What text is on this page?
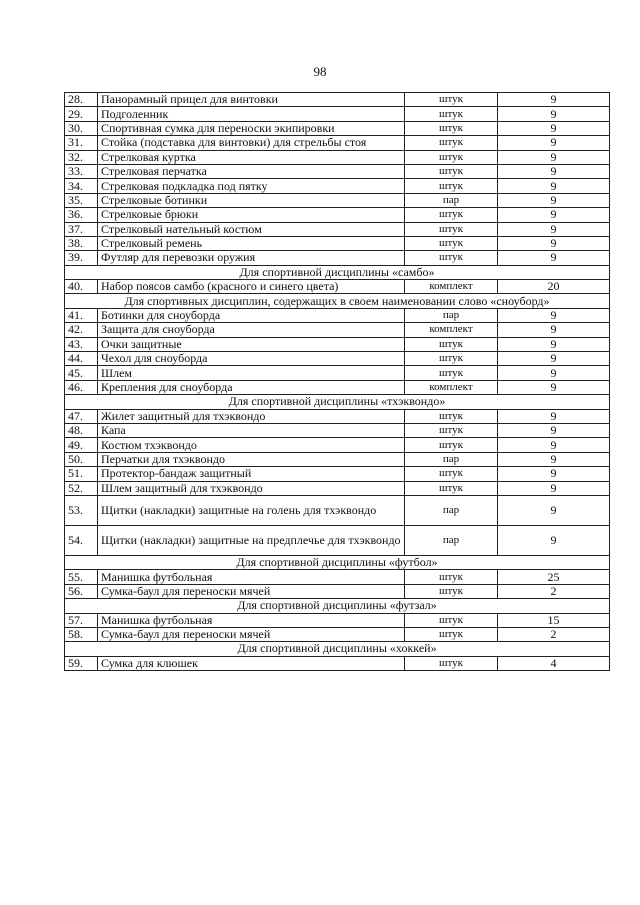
98
28.	Панорамный прицел для винтовки	штук	9
29.	Подголенник	штук	9
30.	Спортивная сумка для переноски экипировки	штук	9
31.	Стойка (подставка для винтовки) для стрельбы стоя	штук	9
32.	Стрелковая куртка	штук	9
33.	Стрелковая перчатка	штук	9
34.	Стрелковая подкладка под пятку	штук	9
35.	Стрелковые ботинки	пар	9
36.	Стрелковые брюки	штук	9
37.	Стрелковый нательный костюм	штук	9
38.	Стрелковый ремень	штук	9
39.	Футляр для перевозки оружия	штук	9
Для спортивной дисциплины «самбо»			
40.	Набор поясов самбо (красного и синего цвета)	комплект	20
Для спортивных дисциплин, содержащих в своем наименовании слово «сноуборд»			
41.	Ботинки для сноуборда	пар	9
42.	Защита для сноуборда	комплект	9
43.	Очки защитные	штук	9
44.	Чехол для сноуборда	штук	9
45.	Шлем	штук	9
46.	Крепления для сноуборда	комплект	9
Для спортивной дисциплины «тхэквондо»			
47.	Жилет защитный для тхэквондо	штук	9
48.	Капа	штук	9
49.	Костюм тхэквондо	штук	9
50.	Перчатки для тхэквондо	пар	9
51.	Протектор-бандаж защитный	штук	9
52.	Шлем защитный для тхэквондо	штук	9
53.	Щитки (накладки) защитные на голень для тхэквондо	пар	9
54.	Щитки (накладки) защитные на предплечье для тхэквондо	пар	9
Для спортивной дисциплины «футбол»			
55.	Манишка футбольная	штук	25
56.	Сумка-баул для переноски мячей	штук	2
Для спортивной дисциплины «футзал»			
57.	Манишка футбольная	штук	15
58.	Сумка-баул для переноски мячей	штук	2
Для спортивной дисциплины «хоккей»			
59.	Сумка для клюшек	штук	4
